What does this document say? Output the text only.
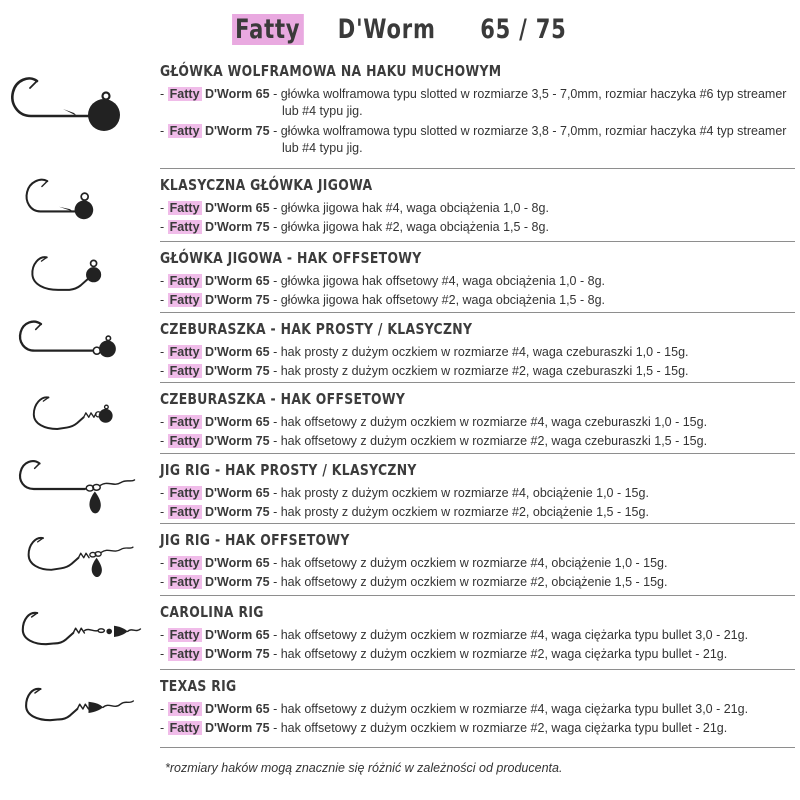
Fatty D'Worm 65 / 75
GŁÓWKA WOLFRAMOWA NA HAKU MUCHOWYM

- Fatty D'Worm 65 - główka wolframowa typu slotted w rozmiarze 3,5 - 7,0mm, rozmiar haczyka #6 typ streamer lub #4 typu jig.

- Fatty D'Worm 75 - główka wolframowa typu slotted w rozmiarze 3,8 - 7,0mm, rozmiar haczyka #4 typ streamer lub #4 typu jig.

KLASYCZNA GŁÓWKA JIGOWA

- Fatty D'Worm 65 - główka jigowa hak #4, waga obciążenia 1,0 - 8g.

- Fatty D'Worm 75 - główka jigowa hak #2, waga obciążenia 1,5 - 8g.

GŁÓWKA JIGOWA - HAK OFFSETOWY

- Fatty D'Worm 65 - główka jigowa hak offsetowy #4, waga obciążenia 1,0 - 8g.

- Fatty D'Worm 75 - główka jigowa hak offsetowy #2, waga obciążenia 1,5 - 8g.

CZEBURASZKA - HAK PROSTY / KLASYCZNY

- Fatty D'Worm 65 - hak prosty z dużym oczkiem w rozmiarze #4, waga czeburaszki 1,0 - 15g.

- Fatty D'Worm 75 - hak prosty z dużym oczkiem w rozmiarze #2, waga czeburaszki 1,5 - 15g.

CZEBURASZKA - HAK OFFSETOWY

- Fatty D'Worm 65 - hak offsetowy z dużym oczkiem w rozmiarze #4, waga czeburaszki 1,0 - 15g.

- Fatty D'Worm 75 - hak offsetowy z dużym oczkiem w rozmiarze #2, waga czeburaszki 1,5 - 15g.

JIG RIG - HAK PROSTY / KLASYCZNY

- Fatty D'Worm 65 - hak prosty z dużym oczkiem w rozmiarze #4, obciążenie 1,0 - 15g.

- Fatty D'Worm 75 - hak prosty z dużym oczkiem w rozmiarze #2, obciążenie 1,5 - 15g.

JIG RIG - HAK OFFSETOWY

- Fatty D'Worm 65 - hak offsetowy z dużym oczkiem w rozmiarze #4, obciążenie 1,0 - 15g.

- Fatty D'Worm 75 - hak offsetowy z dużym oczkiem w rozmiarze #2, obciążenie 1,5 - 15g.

CAROLINA RIG

- Fatty D'Worm 65 - hak offsetowy z dużym oczkiem w rozmiarze #4, waga ciężarka typu bullet 3,0 - 21g.

- Fatty D'Worm 75 - hak offsetowy z dużym oczkiem w rozmiarze #2, waga ciężarka typu bullet - 21g.

TEXAS RIG

- Fatty D'Worm 65 - hak offsetowy z dużym oczkiem w rozmiarze #4, waga ciężarka typu bullet 3,0 - 21g.

- Fatty D'Worm 75 - hak offsetowy z dużym oczkiem w rozmiarze #2, waga ciężarka typu bullet - 21g.

*rozmiary haków mogą znacznie się różnić w zależności od producenta.
